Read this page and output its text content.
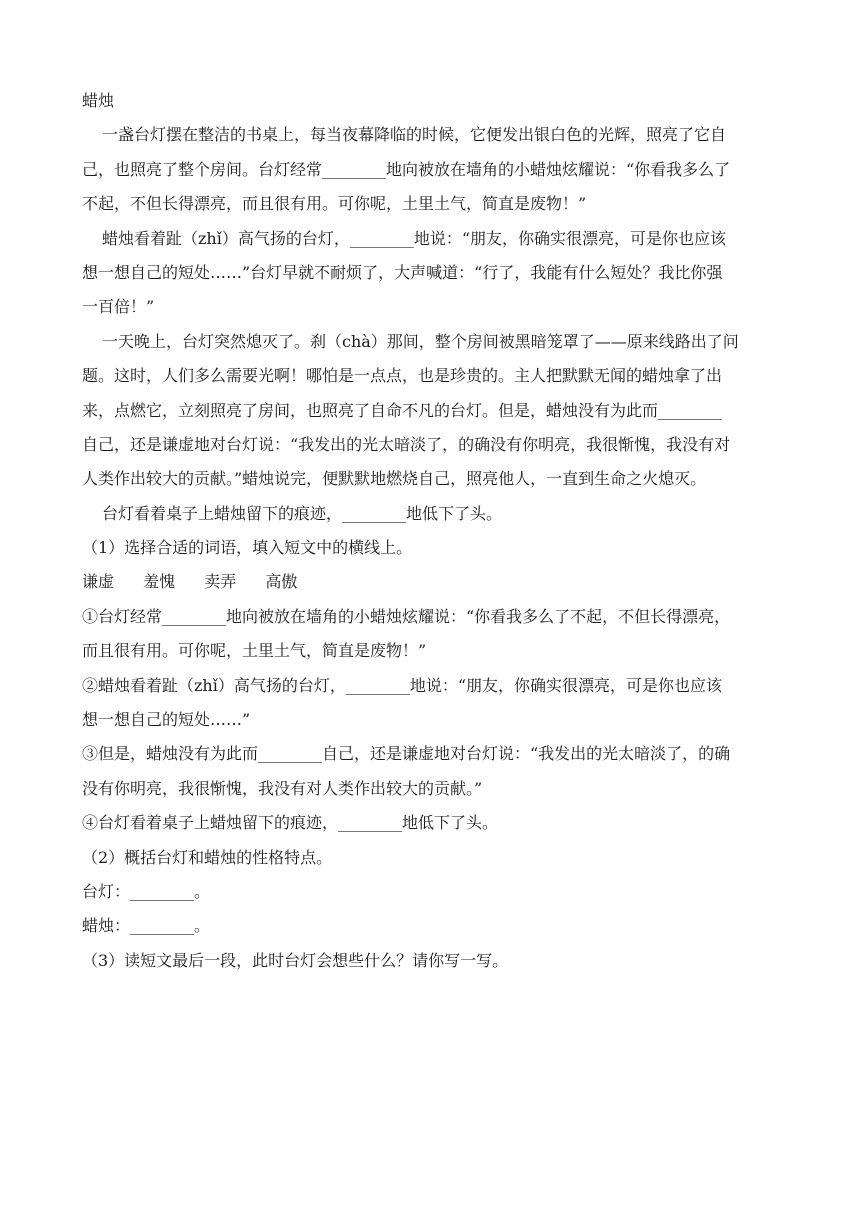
蜡烛
一盏台灯摆在整洁的书桌上，每当夜幕降临的时候，它便发出银白色的光辉，照亮了它自
己，也照亮了整个房间。台灯经常________地向被放在墙角的小蜡烛炫耀说：“你看我多么了
不起，不但长得漂亮，而且很有用。可你呢，土里土气，简直是废物！”
蜡烛看着趾（zhǐ）高气扬的台灯，________地说：“朋友，你确实很漂亮，可是你也应该
想一想自己的短处……”台灯早就不耐烦了，大声喊道：“行了，我能有什么短处？我比你强
一百倍！”
一天晚上，台灯突然熄灭了。刹（chà）那间，整个房间被黑暗笼罩了——原来线路出了问
题。这时，人们多么需要光啊！哪怕是一点点，也是珍贵的。主人把默默无闻的蜡烛拿了出
来，点燃它，立刻照亮了房间，也照亮了自命不凡的台灯。但是，蜡烛没有为此而________
自己，还是谦虚地对台灯说：“我发出的光太暗淡了，的确没有你明亮，我很惭愧，我没有对
人类作出较大的贡献。”蜡烛说完，便默默地燃烧自己，照亮他人，一直到生命之火熄灭。
台灯看着桌子上蜡烛留下的痕迹，________地低下了头。
（1）选择合适的词语，填入短文中的横线上。
谦虚 羞愧 卖弄 高傲
①台灯经常________地向被放在墙角的小蜡烛炫耀说：“你看我多么了不起，不但长得漂亮，
而且很有用。可你呢，土里土气，简直是废物！”
②蜡烛看着趾（zhǐ）高气扬的台灯，________地说：“朋友，你确实很漂亮，可是你也应该
想一想自己的短处……”
③但是，蜡烛没有为此而________自己，还是谦虚地对台灯说：“我发出的光太暗淡了，的确
没有你明亮，我很惭愧，我没有对人类作出较大的贡献。”
④台灯看着桌子上蜡烛留下的痕迹，________地低下了头。
（2）概括台灯和蜡烛的性格特点。
台灯：________。
蜡烛：________。
（3）读短文最后一段，此时台灯会想些什么？请你写一写。
